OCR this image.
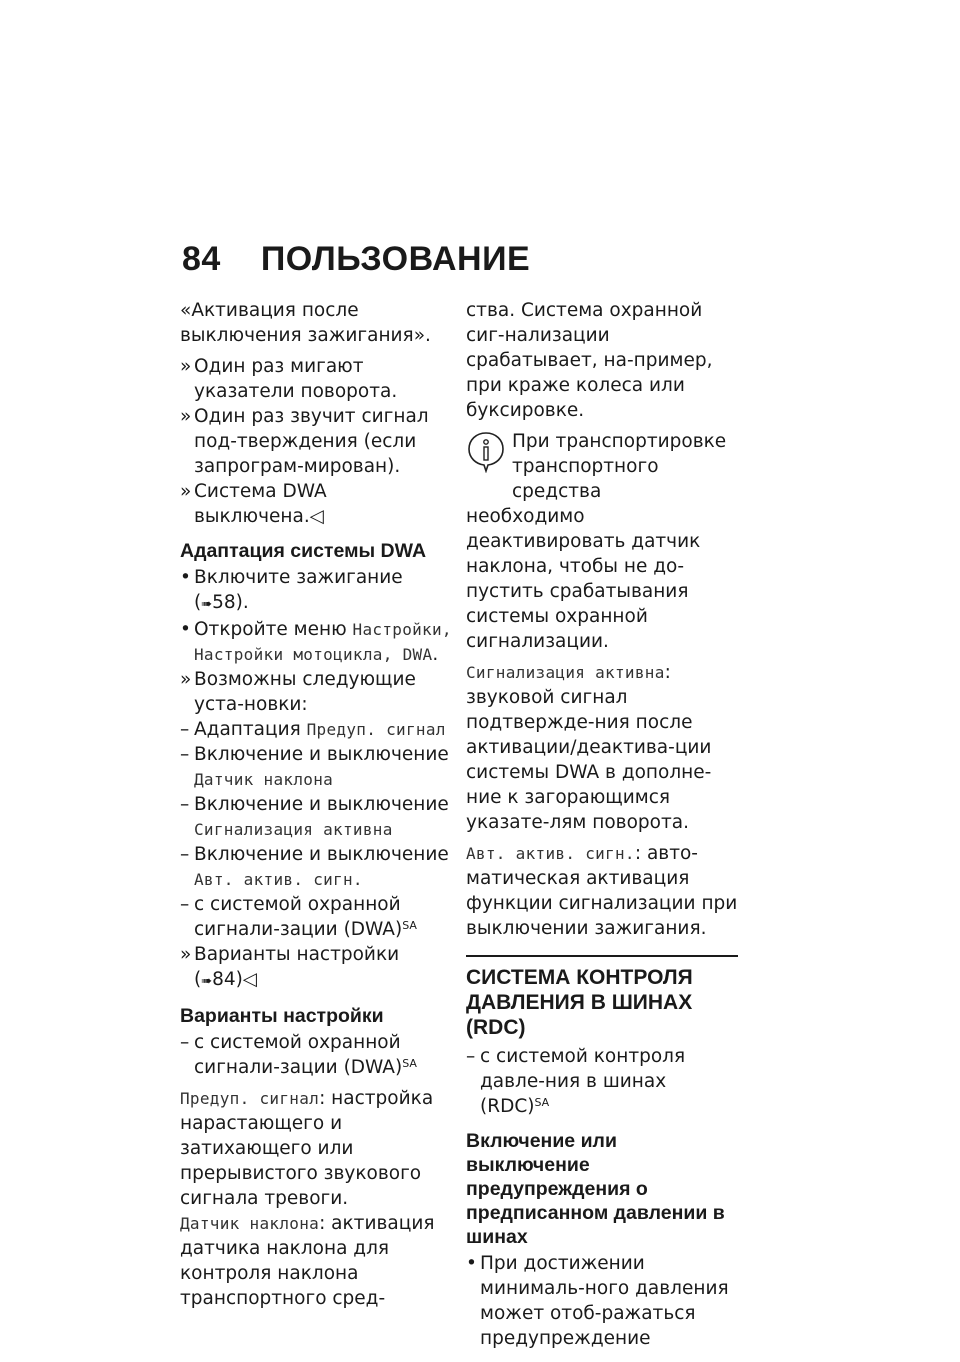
84 ПОЛЬЗОВАНИЕ

«Активация после выключения зажигания».

» Один раз мигают указатели поворота.
» Один раз звучит сигнал под-тверждения (если запрограм-мирован).
» Система DWA выключена.◁
Адаптация системы DWA
• Включите зажигание (➠58).
• Откройте меню Настройки, Настройки мотоцикла, DWA.
» Возможны следующие уста-новки:
– Адаптация Предуп. сигнал
– Включение и выключение Датчик наклона
– Включение и выключение Сигнализация активна
– Включение и выключение Авт. актив. сигн.
– с системой охранной сигнали-зации (DWA)$^{SA}$
» Варианты настройки (➠84)◁
Варианты настройки
– с системой охранной сигнали-зации (DWA)$^{SA}$

Предуп. сигнал: настройка нарастающего и затихающего или прерывистого звукового сигнала тревоги.

Датчик наклона: активация датчика наклона для контроля наклона транспортного сред-

ства. Система охранной сиг-нализации срабатывает, на-пример, при краже колеса или буксировке.

При транспортировке транспортного средства

необходимо деактивировать датчик наклона, чтобы не до-пустить срабатывания системы охранной сигнализации.

Сигнализация активна: звуковой сигнал подтвержде-ния после активации/деактива-ции системы DWA в дополне-ние к загорающимся указате-лям поворота.

Авт. актив. сигн.: авто-матическая активация функции сигнализации при выключении зажигания.

СИСТЕМА КОНТРОЛЯ ДАВЛЕНИЯ В ШИНАХ (RDC)
– с системой контроля давле-ния в шинах (RDC)$^{SA}$
Включение или выключение предупреждения о предписанном давлении в шинах
• При достижении минималь-ного давления может отоб-ражаться предупреждение
